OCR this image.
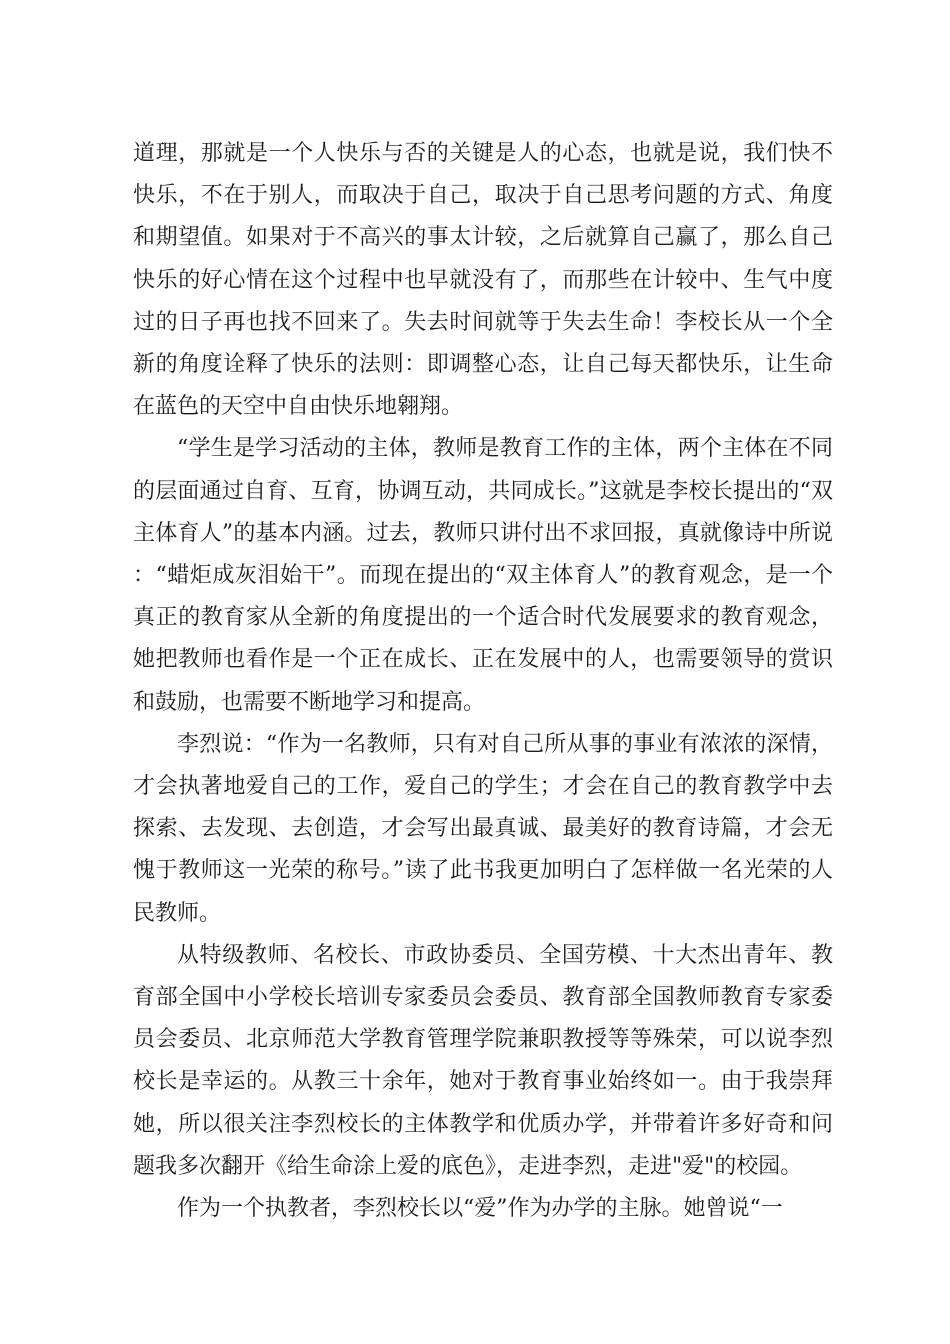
道理，那就是一个人快乐与否的关键是人的心态，也就是说，我们快不快乐，不在于别人，而取决于自己，取决于自己思考问题的方式、角度和期望值。如果对于不高兴的事太计较，之后就算自己赢了，那么自己快乐的好心情在这个过程中也早就没有了，而那些在计较中、生气中度过的日子再也找不回来了。失去时间就等于失去生命！李校长从一个全新的角度诠释了快乐的法则：即调整心态，让自己每天都快乐，让生命在蓝色的天空中自由快乐地翱翔。

“学生是学习活动的主体，教师是教育工作的主体，两个主体在不同的层面通过自育、互育，协调互动，共同成长。”这就是李校长提出的“双主体育人”的基本内涵。过去，教师只讲付出不求回报，真就像诗中所说：“蜡炬成灰泪始干”。而现在提出的“双主体育人”的教育观念，是一个真正的教育家从全新的角度提出的一个适合时代发展要求的教育观念，她把教师也看作是一个正在成长、正在发展中的人，也需要领导的赏识和鼓励，也需要不断地学习和提高。

李烈说：“作为一名教师，只有对自己所从事的事业有浓浓的深情，才会执著地爱自己的工作，爱自己的学生；才会在自己的教育教学中去探索、去发现、去创造，才会写出最真诚、最美好的教育诗篇，才会无愧于教师这一光荣的称号。”读了此书我更加明白了怎样做一名光荣的人民教师。

从特级教师、名校长、市政协委员、全国劳模、十大杰出青年、教育部全国中小学校长培训专家委员会委员、教育部全国教师教育专家委员会委员、北京师范大学教育管理学院兼职教授等等殊荣，可以说李烈校长是幸运的。从教三十余年，她对于教育事业始终如一。由于我崇拜她，所以很关注李烈校长的主体教学和优质办学，并带着许多好奇和问题我多次翻开《给生命涂上爱的底色》，走进李烈，走进"爱"的校园。

作为一个执教者，李烈校长以“爱”作为办学的主脉。她曾说“一
